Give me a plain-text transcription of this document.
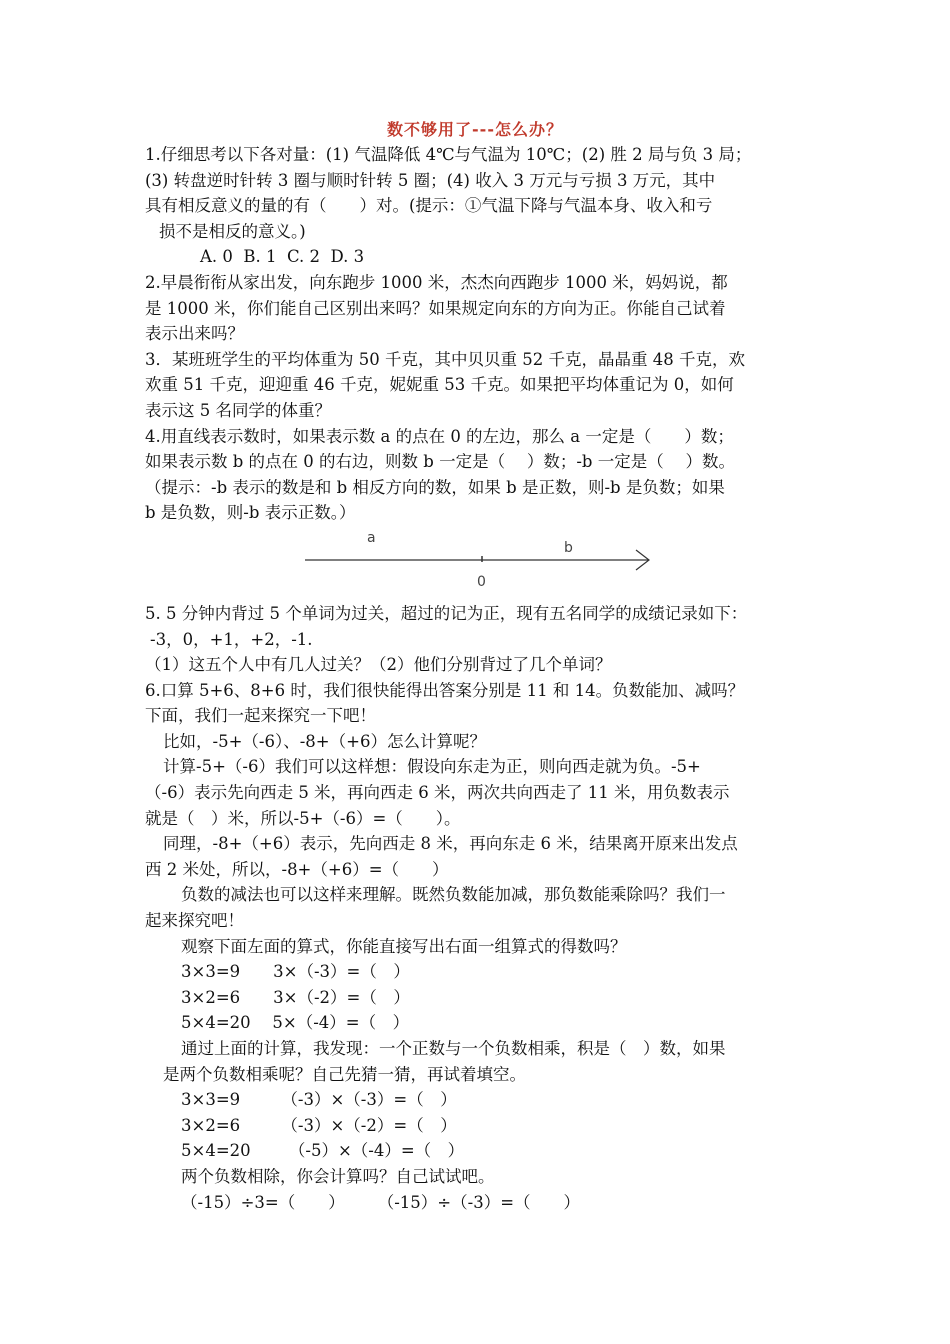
数不够用了---怎么办？
1.仔细思考以下各对量：(1) 气温降低 4℃与气温为 10℃；(2) 胜 2 局与负 3 局；
(3) 转盘逆时针转 3 圈与顺时针转 5 圈；(4) 收入 3 万元与亏损 3 万元，其中
具有相反意义的量的有（　　）对。(提示：①气温下降与气温本身、收入和亏
损不是相反的意义。)
A. 0  B. 1  C. 2  D. 3
2.早晨衔衔从家出发，向东跑步 1000 米，杰杰向西跑步 1000 米，妈妈说，都
是 1000 米，你们能自己区别出来吗？如果规定向东的方向为正。你能自己试着
表示出来吗？
3．某班班学生的平均体重为 50 千克，其中贝贝重 52 千克，晶晶重 48 千克，欢
欢重 51 千克，迎迎重 46 千克，妮妮重 53 千克。如果把平均体重记为 0，如何
表示这 5 名同学的体重？
4.用直线表示数时，如果表示数 a 的点在 0 的左边，那么 a 一定是（　　）数；
如果表示数 b 的点在 0 的右边，则数 b 一定是（　 ）数；-b 一定是（　 ）数。
（提示：-b 表示的数是和 b 相反方向的数，如果 b 是正数，则-b 是负数；如果
b 是负数，则-b 表示正数。）
a
b
0
5. 5 分钟内背过 5 个单词为过关，超过的记为正，现有五名同学的成绩记录如下：
-3，0，+1，+2，-1.
（1）这五个人中有几人过关？（2）他们分别背过了几个单词？
6.口算 5+6、8+6 时，我们很快能得出答案分别是 11 和 14。负数能加、减吗？
下面，我们一起来探究一下吧！
比如，-5+（-6）、-8+（+6）怎么计算呢？
计算-5+（-6）我们可以这样想：假设向东走为正，则向西走就为负。-5+
（-6）表示先向西走 5 米，再向西走 6 米，两次共向西走了 11 米，用负数表示
就是（　）米，所以-5+（-6）=（　　）。
同理，-8+（+6）表示，先向西走 8 米，再向东走 6 米，结果离开原来出发点
西 2 米处，所以，-8+（+6）=（　　）
负数的减法也可以这样来理解。既然负数能加减，那负数能乘除吗？我们一
起来探究吧！
观察下面左面的算式，你能直接写出右面一组算式的得数吗？
3×3=9　　3×（-3）=（　）
3×2=6　　3×（-2）=（　）
5×4=20　 5×（-4）=（　）
通过上面的计算，我发现：一个正数与一个负数相乘，积是（　）数，如果
是两个负数相乘呢？自己先猜一猜，再试着填空。
3×3=9　　　（-3）×（-3）=（　）
3×2=6　　　（-3）×（-2）=（　）
5×4=20　　 （-5）×（-4）=（　）
两个负数相除，你会计算吗？自己试试吧。
（-15）÷3=（　　）　　　（-15）÷（-3）=（　　）
